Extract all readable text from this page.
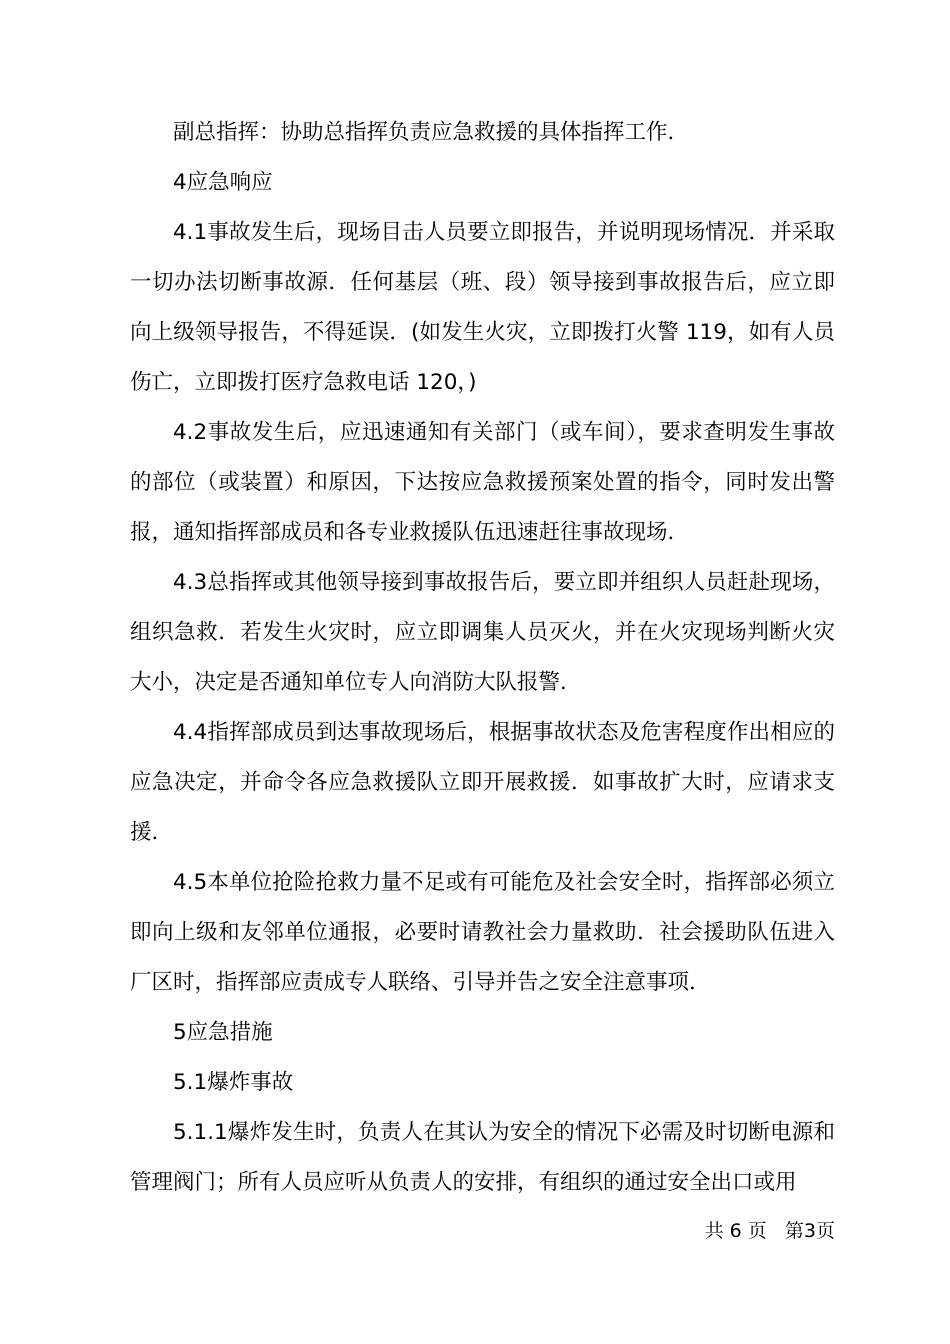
副总指挥：协助总指挥负责应急救援的具体指挥工作．

4应急响应

4.1事故发生后，现场目击人员要立即报告，并说明现场情况．并采取一切办法切断事故源．任何基层（班、段）领导接到事故报告后，应立即向上级领导报告，不得延误．(如发生火灾，立即拨打火警 119，如有人员伤亡，立即拨打医疗急救电话 120，)

4.2事故发生后，应迅速通知有关部门（或车间），要求查明发生事故的部位（或装置）和原因，下达按应急救援预案处置的指令，同时发出警报，通知指挥部成员和各专业救援队伍迅速赶往事故现场．

4.3总指挥或其他领导接到事故报告后，要立即并组织人员赶赴现场，组织急救．若发生火灾时，应立即调集人员灭火，并在火灾现场判断火灾大小，决定是否通知单位专人向消防大队报警．

4.4指挥部成员到达事故现场后，根据事故状态及危害程度作出相应的应急决定，并命令各应急救援队立即开展救援．如事故扩大时，应请求支援．

4.5本单位抢险抢救力量不足或有可能危及社会安全时，指挥部必须立即向上级和友邻单位通报，必要时请教社会力量救助．社会援助队伍进入厂区时，指挥部应责成专人联络、引导并告之安全注意事项．

5应急措施

5.1爆炸事故

5.1.1爆炸发生时，负责人在其认为安全的情况下必需及时切断电源和管理阀门；所有人员应听从负责人的安排，有组织的通过安全出口或用

共 6 页   第3页
